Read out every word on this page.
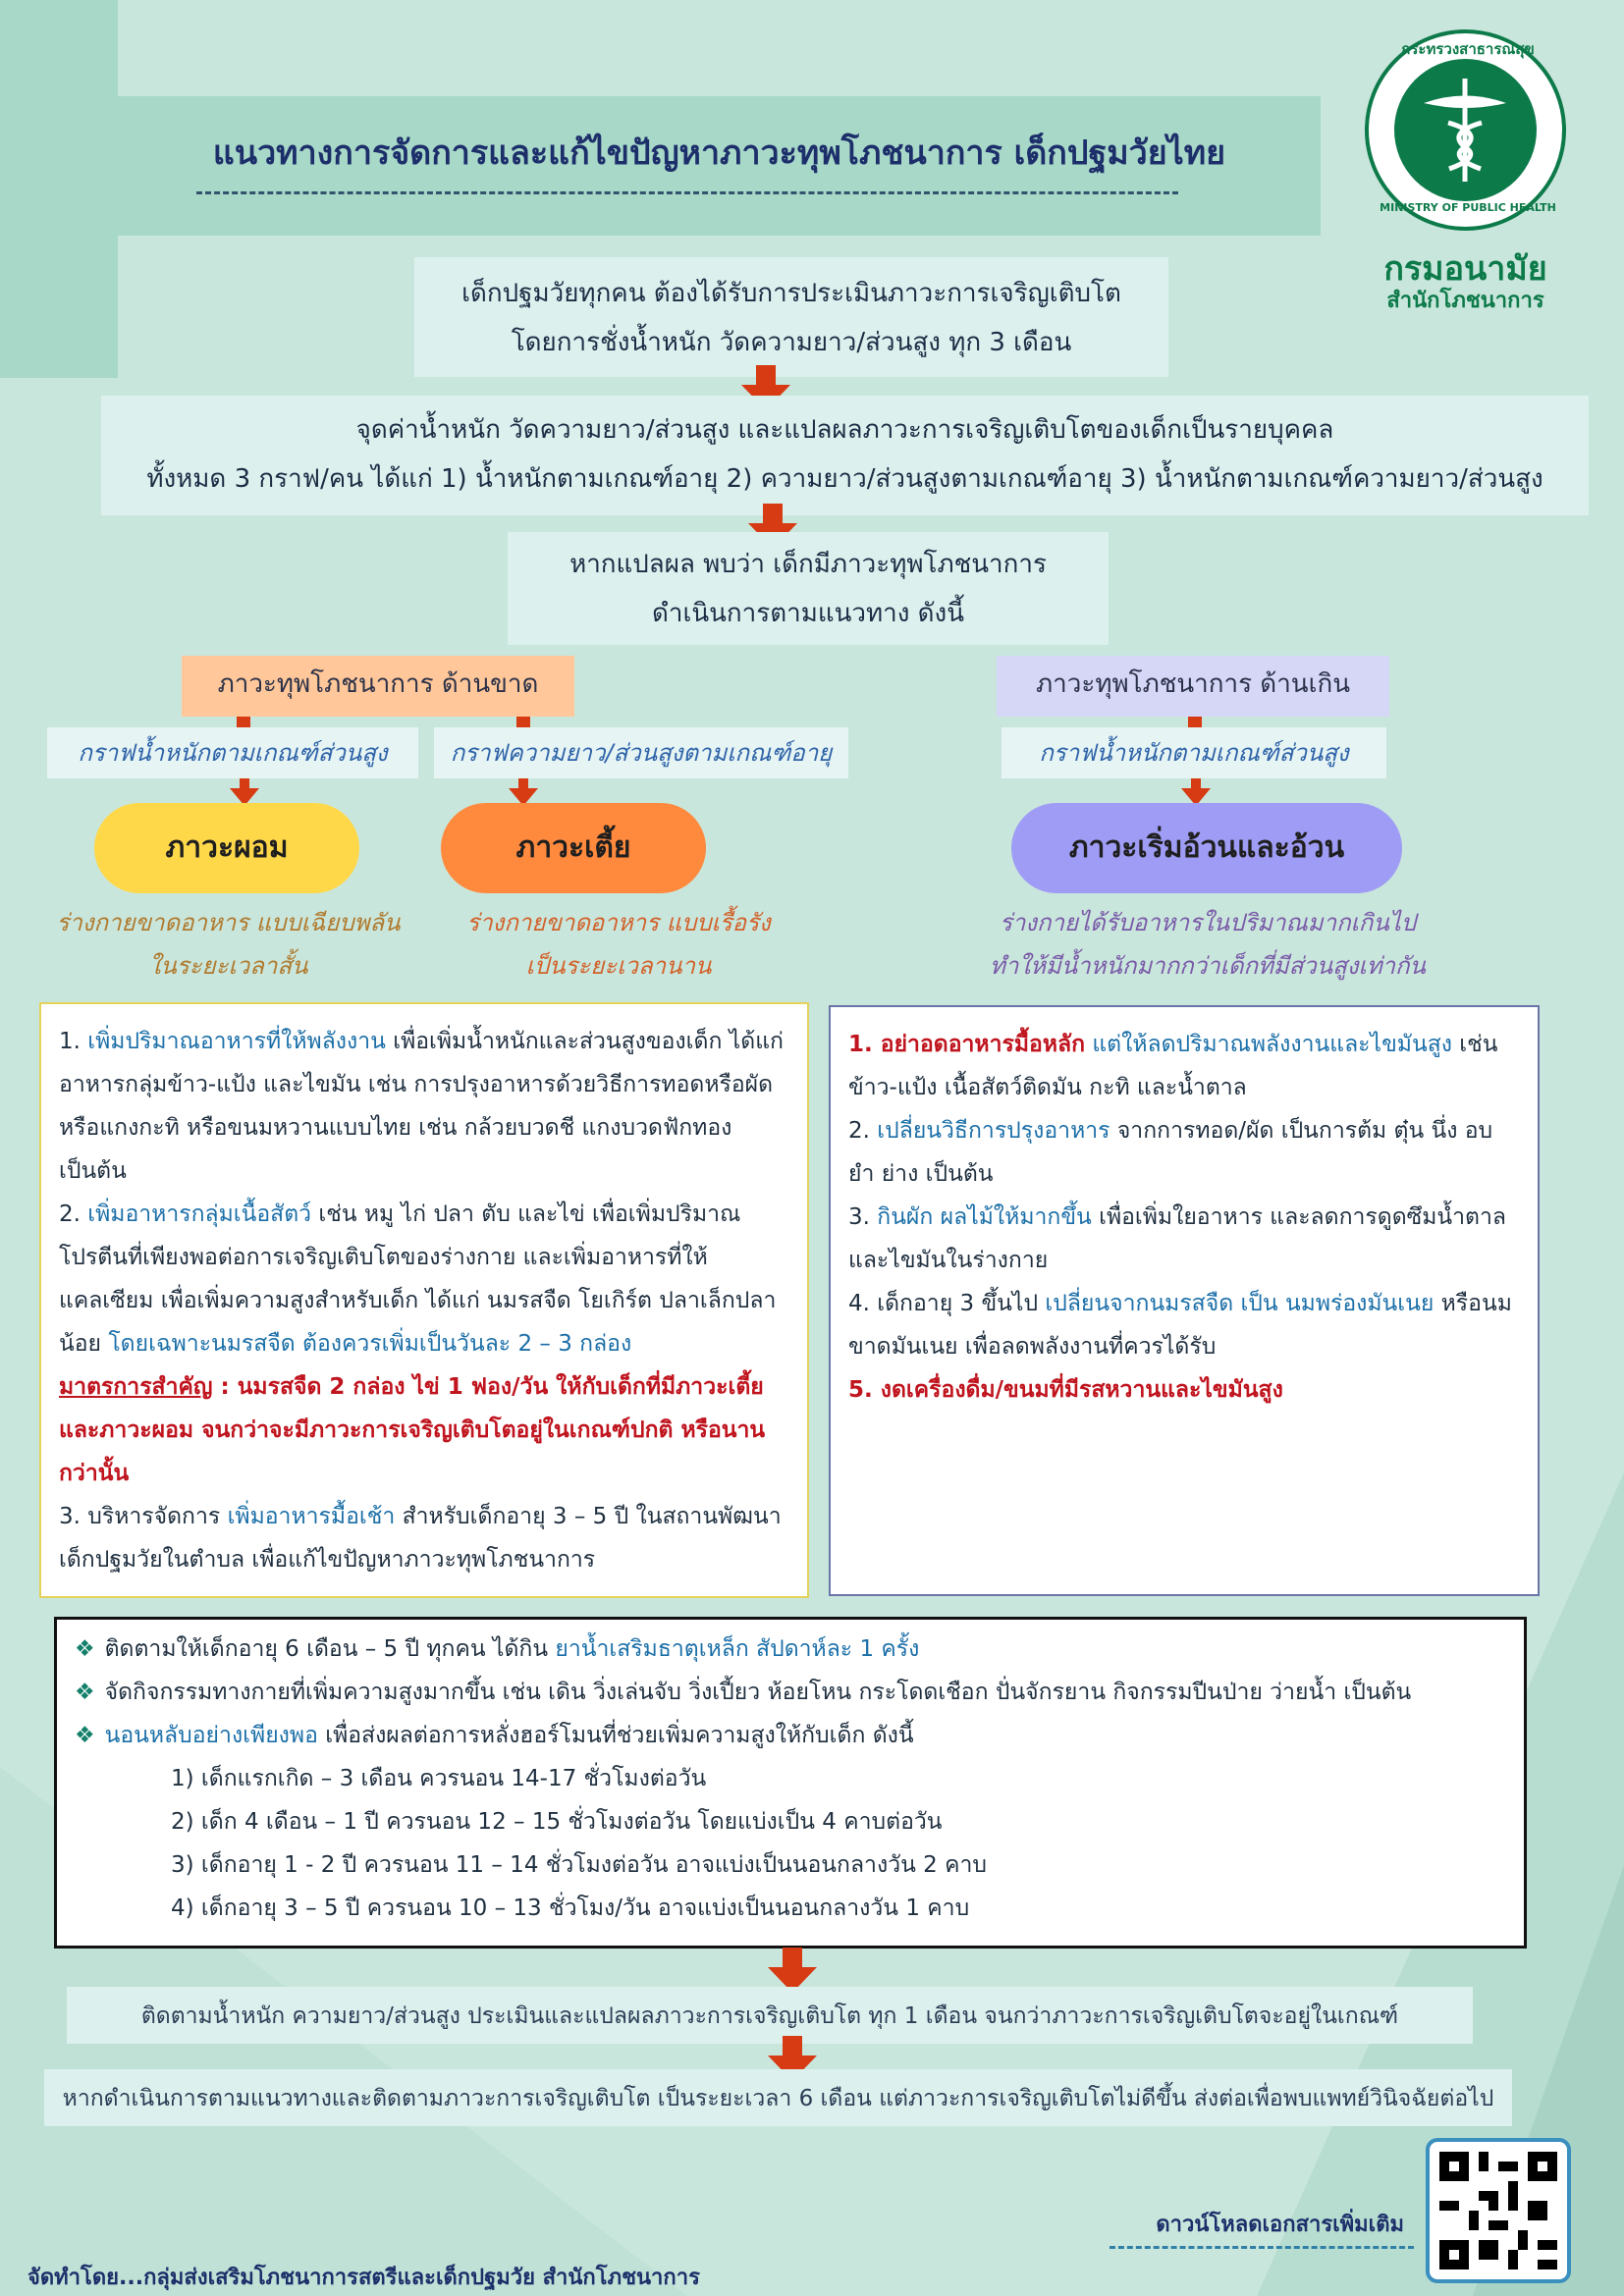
แนวทางการจัดการและแก้ไขปัญหาภาวะทุพโภชนาการ เด็กปฐมวัยไทย
กระทรวงสาธารณสุข
MINISTRY OF PUBLIC HEALTH
กรมอนามัย
สำนักโภชนาการ
เด็กปฐมวัยทุกคน ต้องได้รับการประเมินภาวะการเจริญเติบโต
โดยการชั่งน้ำหนัก วัดความยาว/ส่วนสูง ทุก 3 เดือน
จุดค่าน้ำหนัก วัดความยาว/ส่วนสูง และแปลผลภาวะการเจริญเติบโตของเด็กเป็นรายบุคคล
ทั้งหมด 3 กราฟ/คน ได้แก่ 1) น้ำหนักตามเกณฑ์อายุ 2) ความยาว/ส่วนสูงตามเกณฑ์อายุ 3) น้ำหนักตามเกณฑ์ความยาว/ส่วนสูง
หากแปลผล พบว่า เด็กมีภาวะทุพโภชนาการ
ดำเนินการตามแนวทาง ดังนี้
ภาวะทุพโภชนาการ ด้านขาด
กราฟน้ำหนักตามเกณฑ์ส่วนสูง	กราฟความยาว/ส่วนสูงตามเกณฑ์อายุ
ภาวะผอม	ภาวะเตี้ย
ร่างกายขาดอาหาร แบบเฉียบพลัน
ในระยะเวลาสั้น
ร่างกายขาดอาหาร แบบเรื้อรัง
เป็นระยะเวลานาน
ภาวะทุพโภชนาการ ด้านเกิน
กราฟน้ำหนักตามเกณฑ์ส่วนสูง
ภาวะเริ่มอ้วนและอ้วน
ร่างกายได้รับอาหารในปริมาณมากเกินไป
ทำให้มีน้ำหนักมากกว่าเด็กที่มีส่วนสูงเท่ากัน

1. เพิ่มปริมาณอาหารที่ให้พลังงาน เพื่อเพิ่มน้ำหนักและส่วนสูงของเด็ก ได้แก่ อาหารกลุ่มข้าว-แป้ง และไขมัน เช่น การปรุงอาหารด้วยวิธีการทอดหรือผัด หรือแกงกะทิ หรือขนมหวานแบบไทย เช่น กล้วยบวดชี แกงบวดฟักทอง เป็นต้น

2. เพิ่มอาหารกลุ่มเนื้อสัตว์ เช่น หมู ไก่ ปลา ตับ และไข่ เพื่อเพิ่มปริมาณโปรตีนที่เพียงพอต่อการเจริญเติบโตของร่างกาย และเพิ่มอาหารที่ให้แคลเซียม เพื่อเพิ่มความสูงสำหรับเด็ก ได้แก่ นมรสจืด โยเกิร์ต ปลาเล็กปลาน้อย โดยเฉพาะนมรสจืด ต้องควรเพิ่มเป็นวันละ 2 – 3 กล่อง

มาตรการสำคัญ : นมรสจืด 2 กล่อง ไข่ 1 ฟอง/วัน ให้กับเด็กที่มีภาวะเตี้ยและภาวะผอม จนกว่าจะมีภาวะการเจริญเติบโตอยู่ในเกณฑ์ปกติ หรือนานกว่านั้น

3. บริหารจัดการ เพิ่มอาหารมื้อเช้า สำหรับเด็กอายุ 3 – 5 ปี ในสถานพัฒนาเด็กปฐมวัยในตำบล เพื่อแก้ไขปัญหาภาวะทุพโภชนาการ

1. อย่าอดอาหารมื้อหลัก แต่ให้ลดปริมาณพลังงานและไขมันสูง เช่น ข้าว-แป้ง เนื้อสัตว์ติดมัน กะทิ และน้ำตาล

2. เปลี่ยนวิธีการปรุงอาหาร จากการทอด/ผัด เป็นการต้ม ตุ๋น นึ่ง อบ ยำ ย่าง เป็นต้น

3. กินผัก ผลไม้ให้มากขึ้น เพื่อเพิ่มใยอาหาร และลดการดูดซึมน้ำตาลและไขมันในร่างกาย

4. เด็กอายุ 3 ขึ้นไป เปลี่ยนจากนมรสจืด เป็น นมพร่องมันเนย หรือนมขาดมันเนย เพื่อลดพลังงานที่ควรได้รับ

5. งดเครื่องดื่ม/ขนมที่มีรสหวานและไขมันสูง

❖ ติดตามให้เด็กอายุ 6 เดือน – 5 ปี ทุกคน ได้กิน ยาน้ำเสริมธาตุเหล็ก สัปดาห์ละ 1 ครั้ง

❖ จัดกิจกรรมทางกายที่เพิ่มความสูงมากขึ้น เช่น เดิน วิ่งเล่นจับ วิ่งเปี้ยว ห้อยโหน กระโดดเชือก ปั่นจักรยาน กิจกรรมปีนป่าย ว่ายน้ำ เป็นต้น

❖ นอนหลับอย่างเพียงพอ เพื่อส่งผลต่อการหลั่งฮอร์โมนที่ช่วยเพิ่มความสูงให้กับเด็ก ดังนี้

1) เด็กแรกเกิด – 3 เดือน ควรนอน 14-17 ชั่วโมงต่อวัน

2) เด็ก 4 เดือน – 1 ปี ควรนอน 12 – 15 ชั่วโมงต่อวัน โดยแบ่งเป็น 4 คาบต่อวัน

3) เด็กอายุ 1 - 2 ปี ควรนอน 11 – 14 ชั่วโมงต่อวัน อาจแบ่งเป็นนอนกลางวัน 2 คาบ

4) เด็กอายุ 3 – 5 ปี ควรนอน 10 – 13 ชั่วโมง/วัน อาจแบ่งเป็นนอนกลางวัน 1 คาบ

ติดตามน้ำหนัก ความยาว/ส่วนสูง ประเมินและแปลผลภาวะการเจริญเติบโต ทุก 1 เดือน จนกว่าภาวะการเจริญเติบโตจะอยู่ในเกณฑ์
หากดำเนินการตามแนวทางและติดตามภาวะการเจริญเติบโต เป็นระยะเวลา 6 เดือน แต่ภาวะการเจริญเติบโตไม่ดีขึ้น ส่งต่อเพื่อพบแพทย์วินิจฉัยต่อไป
ดาวน์โหลดเอกสารเพิ่มเติม
จัดทำโดย...กลุ่มส่งเสริมโภชนาการสตรีและเด็กปฐมวัย สำนักโภชนาการ
